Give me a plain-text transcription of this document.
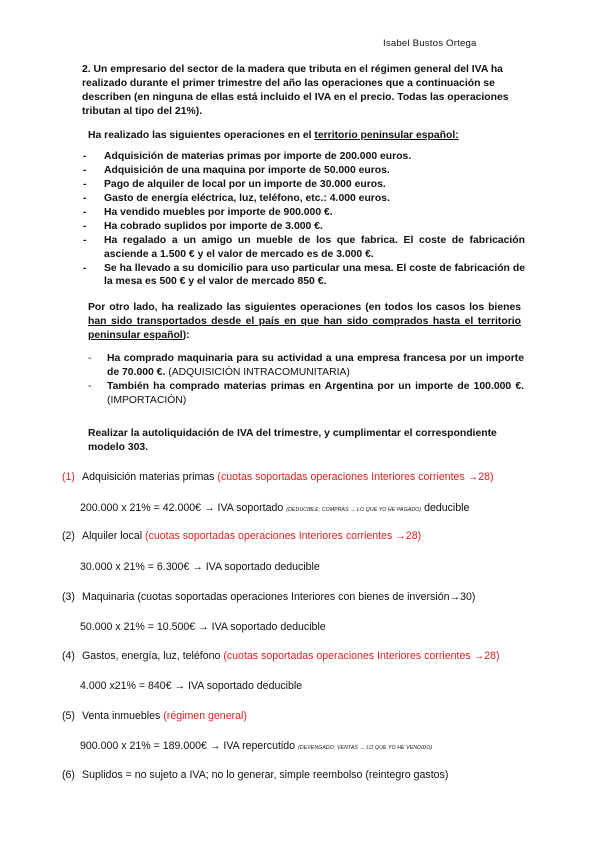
Isabel Bustos Ortega

2. Un empresario del sector de la madera que tributa en el régimen general del IVA ha realizado durante el primer trimestre del año las operaciones que a continuación se describen (en ninguna de ellas está incluido el IVA en el precio. Todas las operaciones tributan al tipo del 21%).

Ha realizado las siguientes operaciones en el territorio peninsular español:
- Adquisición de materias primas por importe de 200.000 euros.
- Adquisición de una maquina por importe de 50.000 euros.
- Pago de alquiler de local por un importe de 30.000 euros.
- Gasto de energía eléctrica, luz, teléfono, etc.: 4.000 euros.
- Ha vendido muebles por importe de 900.000 €.
- Ha cobrado suplidos por importe de 3.000 €.
- Ha regalado a un amigo un mueble de los que fabrica. El coste de fabricación asciende a 1.500 € y el valor de mercado es de 3.000 €.
- Se ha llevado a su domicilio para uso particular una mesa. El coste de fabricación de la mesa es 500 € y el valor de mercado 850 €.
Por otro lado, ha realizado las siguientes operaciones (en todos los casos los bienes han sido transportados desde el país en que han sido comprados hasta el territorio peninsular español):
- Ha comprado maquinaria para su actividad a una empresa francesa por un importe de 70.000 €. (ADQUISICIÓN INTRACOMUNITARIA)
- También ha comprado materias primas en Argentina por un importe de 100.000 €. (IMPORTACIÓN)
Realizar la autoliquidación de IVA del trimestre, y cumplimentar el correspondiente modelo 303.
(1) Adquisición materias primas (cuotas soportadas operaciones Interiores corrientes →28)
200.000 x 21% = 42.000€ → IVA soportado (DEDUCIBLE; COMPRAS → LO QUE YO HE PAGADO) deducible
(2) Alquiler local (cuotas soportadas operaciones Interiores corrientes →28)
30.000 x 21% = 6.300€ → IVA soportado deducible
(3) Maquinaria (cuotas soportadas operaciones Interiores con bienes de inversión→30)
50.000 x 21% = 10.500€ → IVA soportado deducible
(4) Gastos, energía, luz, teléfono (cuotas soportadas operaciones Interiores corrientes →28)
4.000 x21% = 840€ → IVA soportado deducible
(5) Venta inmuebles (régimen general)
900.000 x 21% = 189.000€ → IVA repercutido (DEVENGADO; VENTAS → LO QUE YO HE VENDIDO)
(6) Suplidos = no sujeto a IVA; no lo generar, simple reembolso (reintegro gastos)
